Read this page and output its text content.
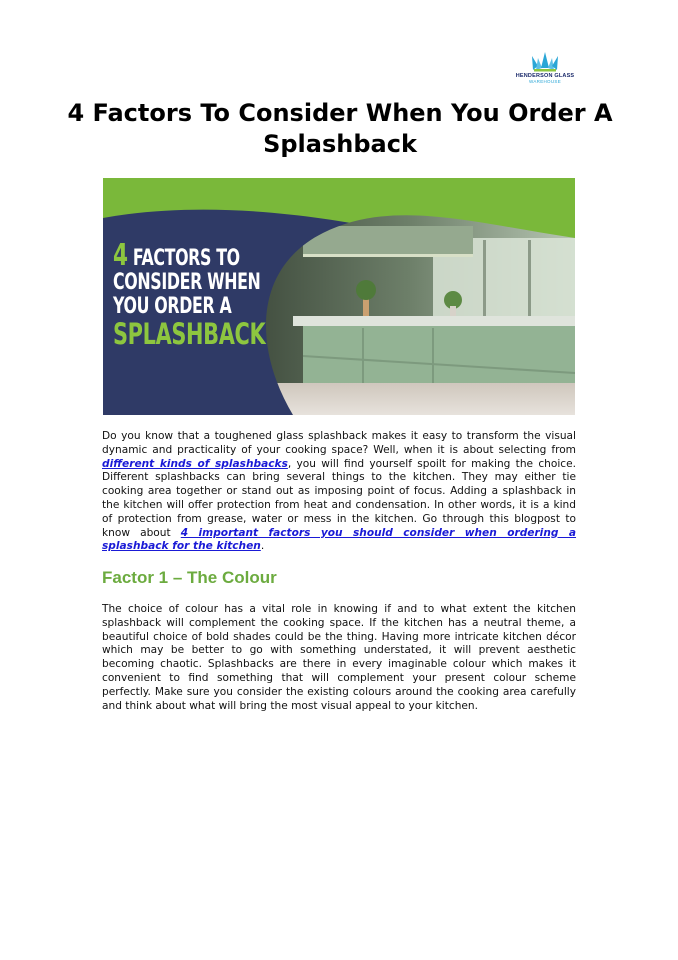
HENDERSON GLASS
WAREHOUSE
4 Factors To Consider When You Order A Splashback
4 FACTORS TO
CONSIDER WHEN
YOU ORDER A
SPLASHBACK

Do you know that a toughened glass splashback makes it easy to transform the visual dynamic and practicality of your cooking space? Well, when it is about selecting from different kinds of splashbacks, you will find yourself spoilt for making the choice. Different splashbacks can bring several things to the kitchen. They may either tie cooking area together or stand out as imposing point of focus. Adding a splashback in the kitchen will offer protection from heat and condensation. In other words, it is a kind of protection from grease, water or mess in the kitchen. Go through this blogpost to know about 4 important factors you should consider when ordering a splashback for the kitchen.

Factor 1 – The Colour

The choice of colour has a vital role in knowing if and to what extent the kitchen splashback will complement the cooking space. If the kitchen has a neutral theme, a beautiful choice of bold shades could be the thing. Having more intricate kitchen décor which may be better to go with something understated, it will prevent aesthetic becoming chaotic. Splashbacks are there in every imaginable colour which makes it convenient to find something that will complement your present colour scheme perfectly. Make sure you consider the existing colours around the cooking area carefully and think about what will bring the most visual appeal to your kitchen.
